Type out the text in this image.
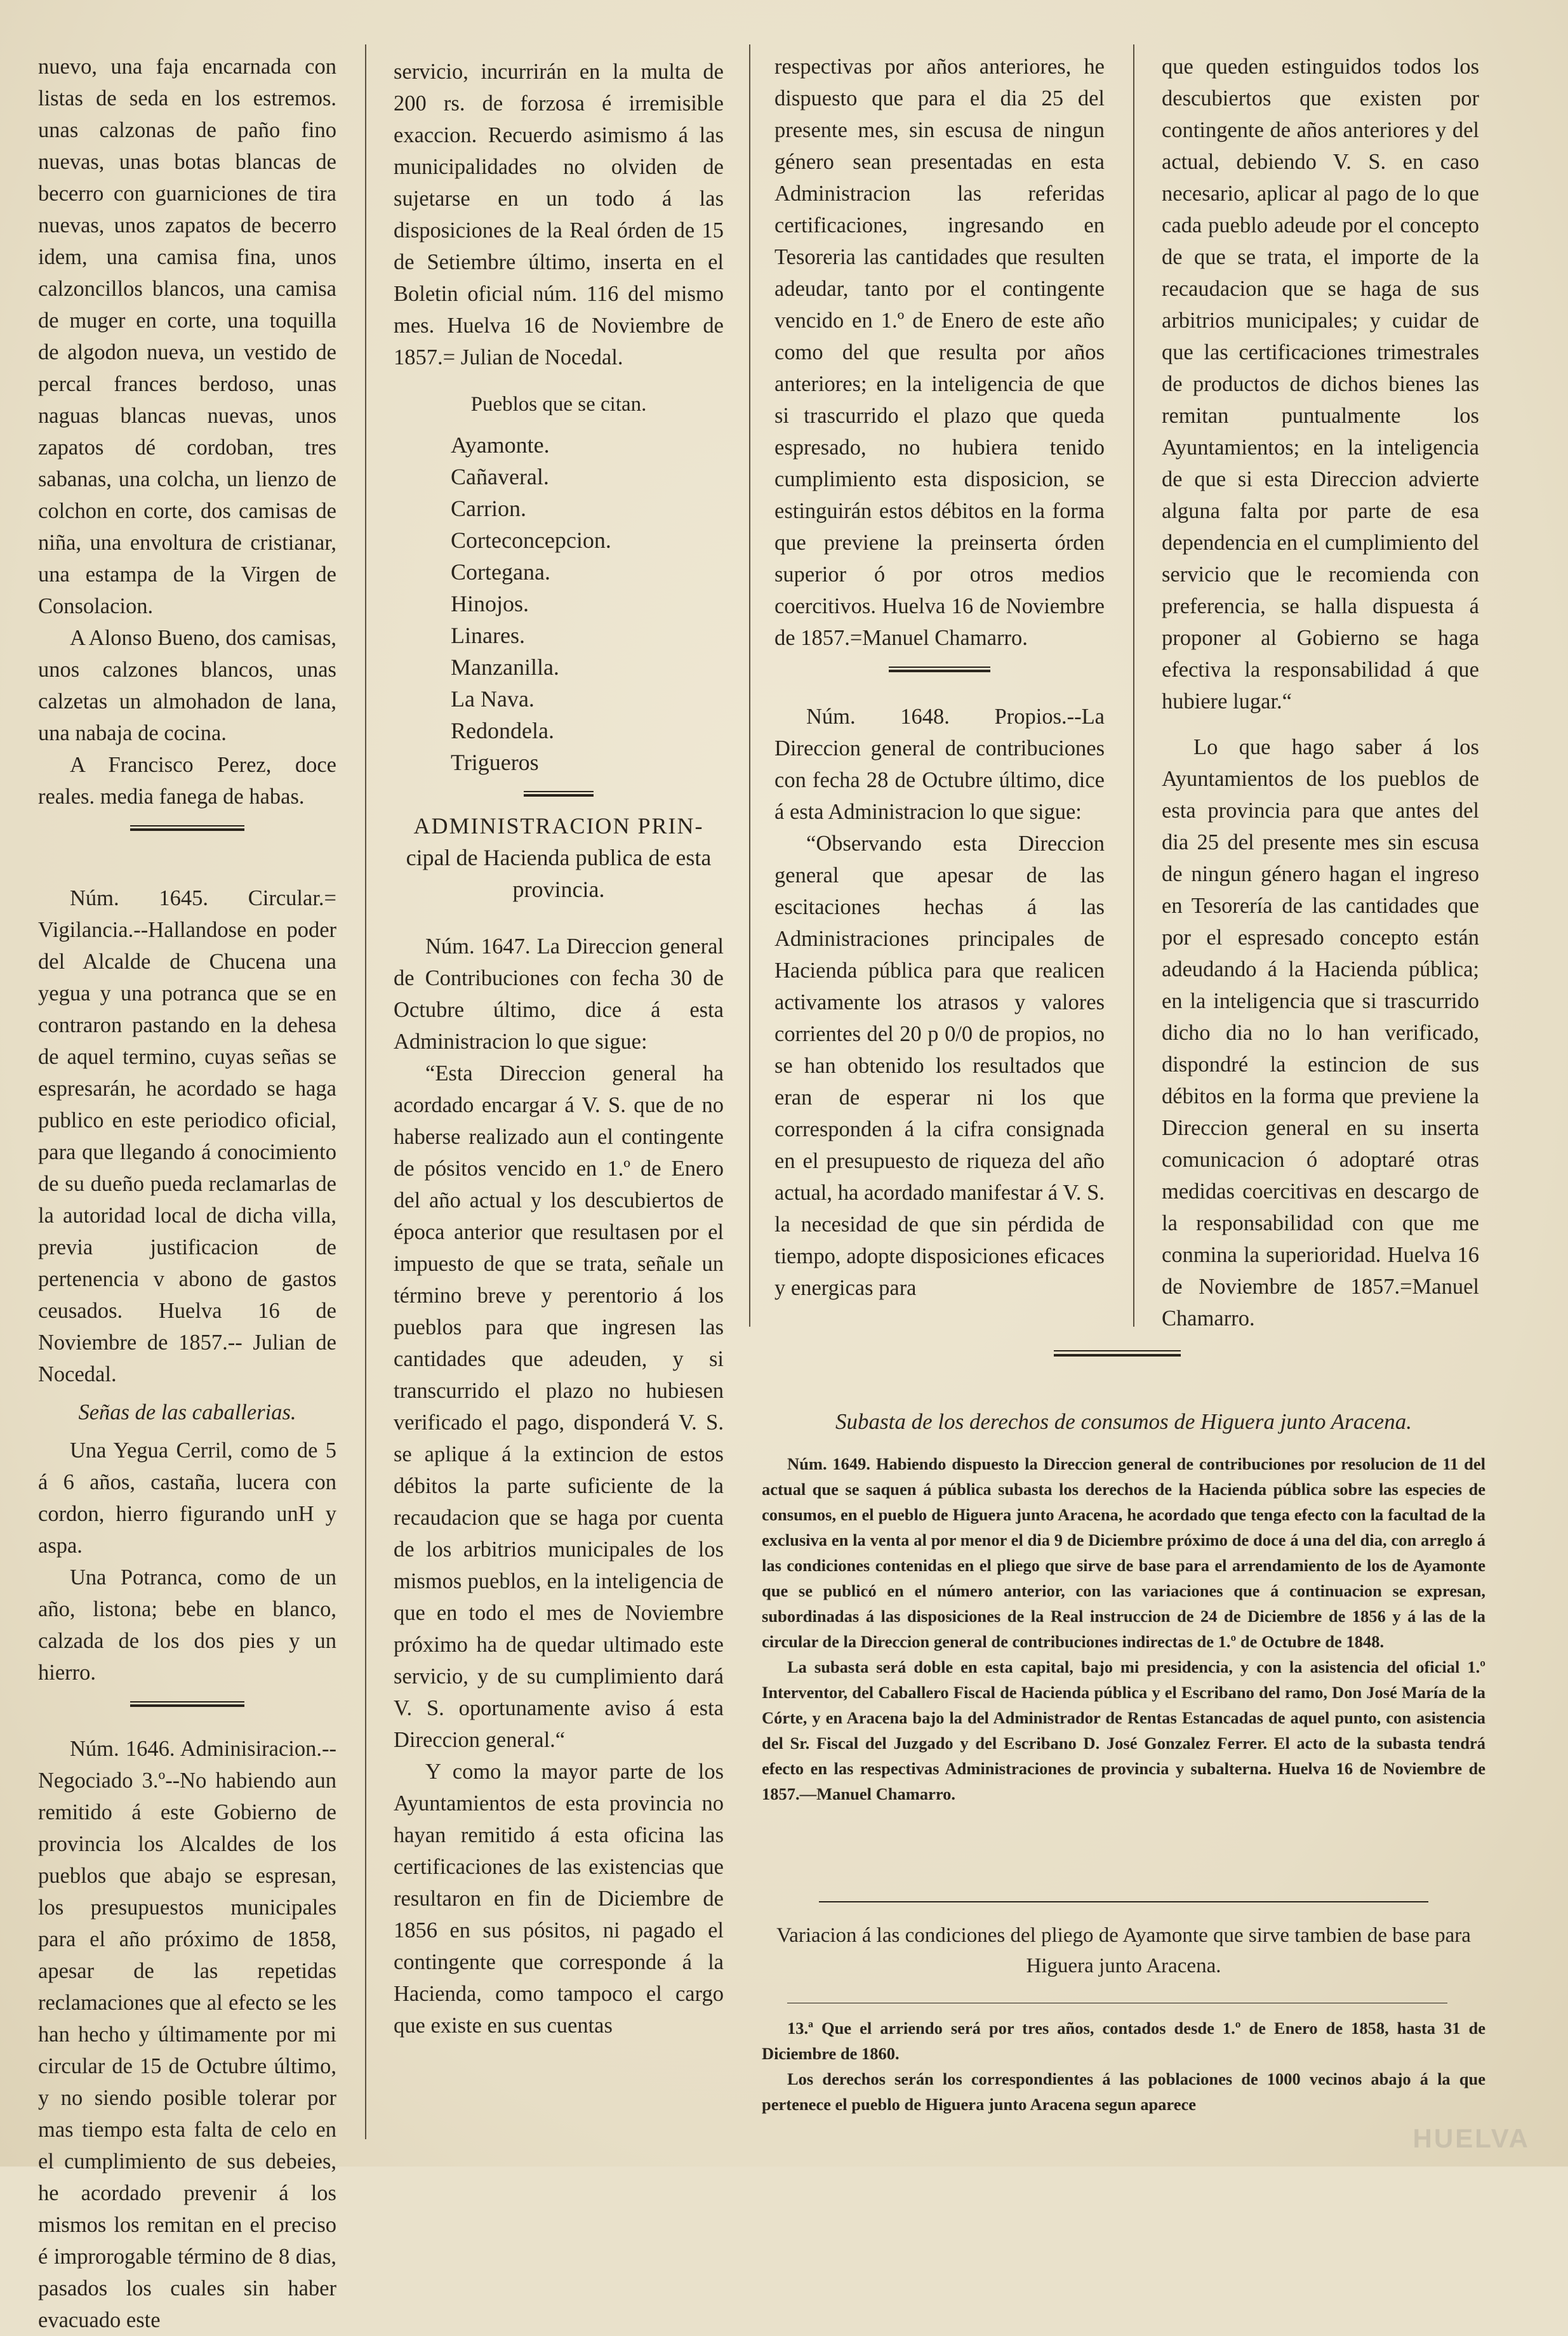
nuevo, una faja encarnada con listas de seda en los estremos. unas calzonas de paño fino nuevas, unas botas blancas de becerro con guarniciones de tira nuevas, unos zapatos de becerro idem, una camisa fina, unos calzoncillos blancos, una camisa de muger en corte, una toquilla de algodon nueva, un vestido de percal frances berdoso, unas naguas blancas nuevas, unos zapatos dé cordoban, tres sabanas, una colcha, un lienzo de colchon en corte, dos camisas de niña, una envoltura de cristianar, una estampa de la Virgen de Consolacion.

A Alonso Bueno, dos camisas, unos calzones blancos, unas calzetas un almohadon de lana, una nabaja de cocina.

A Francisco Perez, doce reales. media fanega de habas.

Núm. 1645. Circular.= Vigilancia.--Hallandose en poder del Alcalde de Chucena una yegua y una potranca que se en contraron pastando en la dehesa de aquel termino, cuyas señas se espresarán, he acordado se haga publico en este periodico oficial, para que llegando á conocimiento de su dueño pueda reclamarlas de la autoridad local de dicha villa, previa justificacion de pertenencia v abono de gastos ceusados. Huelva 16 de Noviembre de 1857.-- Julian de Nocedal.

Señas de las caballerias.

Una Yegua Cerril, como de 5 á 6 años, castaña, lucera con cordon, hierro figurando unH y aspa.

Una Potranca, como de un año, listona; bebe en blanco, calzada de los dos pies y un hierro.

Núm. 1646. Adminisiracion.--Negociado 3.º--No habiendo aun remitido á este Gobierno de provincia los Alcaldes de los pueblos que abajo se espresan, los presupuestos municipales para el año próximo de 1858, apesar de las repetidas reclamaciones que al efecto se les han hecho y últimamente por mi circular de 15 de Octubre último, y no siendo posible tolerar por mas tiempo esta falta de celo en el cumplimiento de sus debeies, he acordado prevenir á los mismos los remitan en el preciso é improrogable término de 8 dias, pasados los cuales sin haber evacuado este

servicio, incurrirán en la multa de 200 rs. de forzosa é irremisible exaccion. Recuerdo asimismo á las municipalidades no olviden de sujetarse en un todo á las disposiciones de la Real órden de 15 de Setiembre último, inserta en el Boletin oficial núm. 116 del mismo mes. Huelva 16 de Noviembre de 1857.= Julian de Nocedal.

Pueblos que se citan.

Ayamonte.
Cañaveral.
Carrion.
Corteconcepcion.
Cortegana.
Hinojos.
Linares.
Manzanilla.
La Nava.
Redondela.
Trigueros
ADMINISTRACION PRIN-
cipal de Hacienda publica de esta provincia.

Núm. 1647. La Direccion general de Contribuciones con fecha 30 de Octubre último, dice á esta Administracion lo que sigue:

“Esta Direccion general ha acordado encargar á V. S. que de no haberse realizado aun el contingente de pósitos vencido en 1.º de Enero del año actual y los descubiertos de época anterior que resultasen por el impuesto de que se trata, señale un término breve y perentorio á los pueblos para que ingresen las cantidades que adeuden, y si transcurrido el plazo no hubiesen verificado el pago, disponderá V. S. se aplique á la extincion de estos débitos la parte suficiente de la recaudacion que se haga por cuenta de los arbitrios municipales de los mismos pueblos, en la inteligencia de que en todo el mes de Noviembre próximo ha de quedar ultimado este servicio, y de su cumplimiento dará V. S. oportunamente aviso á esta Direccion general.“

Y como la mayor parte de los Ayuntamientos de esta provincia no hayan remitido á esta oficina las certificaciones de las existencias que resultaron en fin de Diciembre de 1856 en sus pósitos, ni pagado el contingente que corresponde á la Hacienda, como tampoco el cargo que existe en sus cuentas

respectivas por años anteriores, he dispuesto que para el dia 25 del presente mes, sin escusa de ningun género sean presentadas en esta Administracion las referidas certificaciones, ingresando en Tesoreria las cantidades que resulten adeudar, tanto por el contingente vencido en 1.º de Enero de este año como del que resulta por años anteriores; en la inteligencia de que si trascurrido el plazo que queda espresado, no hubiera tenido cumplimiento esta disposicion, se estinguirán estos débitos en la forma que previene la preinserta órden superior ó por otros medios coercitivos. Huelva 16 de Noviembre de 1857.=Manuel Chamarro.

Núm. 1648. Propios.--La Direccion general de contribuciones con fecha 28 de Octubre último, dice á esta Administracion lo que sigue:

“Observando esta Direccion general que apesar de las escitaciones hechas á las Administraciones principales de Hacienda pública para que realicen activamente los atrasos y valores corrientes del 20 p 0/0 de propios, no se han obtenido los resultados que eran de esperar ni los que corresponden á la cifra consignada en el presupuesto de riqueza del año actual, ha acordado manifestar á V. S. la necesidad de que sin pérdida de tiempo, adopte disposiciones eficaces y energicas para

que queden estinguidos todos los descubiertos que existen por contingente de años anteriores y del actual, debiendo V. S. en caso necesario, aplicar al pago de lo que cada pueblo adeude por el concepto de que se trata, el importe de la recaudacion que se haga de sus arbitrios municipales; y cuidar de que las certificaciones trimestrales de productos de dichos bienes las remitan puntualmente los Ayuntamientos; en la inteligencia de que si esta Direccion advierte alguna falta por parte de esa dependencia en el cumplimiento del servicio que le recomienda con preferencia, se halla dispuesta á proponer al Gobierno se haga efectiva la responsabilidad á que hubiere lugar.“

Lo que hago saber á los Ayuntamientos de los pueblos de esta provincia para que antes del dia 25 del presente mes sin escusa de ningun género hagan el ingreso en Tesorería de las cantidades que por el espresado concepto están adeudando á la Hacienda pública; en la inteligencia que si trascurrido dicho dia no lo han verificado, dispondré la estincion de sus débitos en la forma que previene la Direccion general en su inserta comunicacion ó adoptaré otras medidas coercitivas en descargo de la responsabilidad con que me conmina la superioridad. Huelva 16 de Noviembre de 1857.=Manuel Chamarro.

Subasta de los derechos de consumos de Higuera junto Aracena.

Núm. 1649. Habiendo dispuesto la Direccion general de contribuciones por resolucion de 11 del actual que se saquen á pública subasta los derechos de la Hacienda pública sobre las especies de consumos, en el pueblo de Higuera junto Aracena, he acordado que tenga efecto con la facultad de la exclusiva en la venta al por menor el dia 9 de Diciembre próximo de doce á una del dia, con arreglo á las condiciones contenidas en el pliego que sirve de base para el arrendamiento de los de Ayamonte que se publicó en el número anterior, con las variaciones que á continuacion se expresan, subordinadas á las disposiciones de la Real instruccion de 24 de Diciembre de 1856 y á las de la circular de la Direccion general de contribuciones indirectas de 1.º de Octubre de 1848.

La subasta será doble en esta capital, bajo mi presidencia, y con la asistencia del oficial 1.º Interventor, del Caballero Fiscal de Hacienda pública y el Escribano del ramo, Don José María de la Córte, y en Aracena bajo la del Administrador de Rentas Estancadas de aquel punto, con asistencia del Sr. Fiscal del Juzgado y del Escribano D. José Gonzalez Ferrer. El acto de la subasta tendrá efecto en las respectivas Administraciones de provincia y subalterna. Huelva 16 de Noviembre de 1857.—Manuel Chamarro.

Variacion á las condiciones del pliego de Ayamonte que sirve tambien de base para Higuera junto Aracena.

13.ª Que el arriendo será por tres años, contados desde 1.º de Enero de 1858, hasta 31 de Diciembre de 1860.

Los derechos serán los correspondientes á las poblaciones de 1000 vecinos abajo á la que pertenece el pueblo de Higuera junto Aracena segun aparece

HUELVA
